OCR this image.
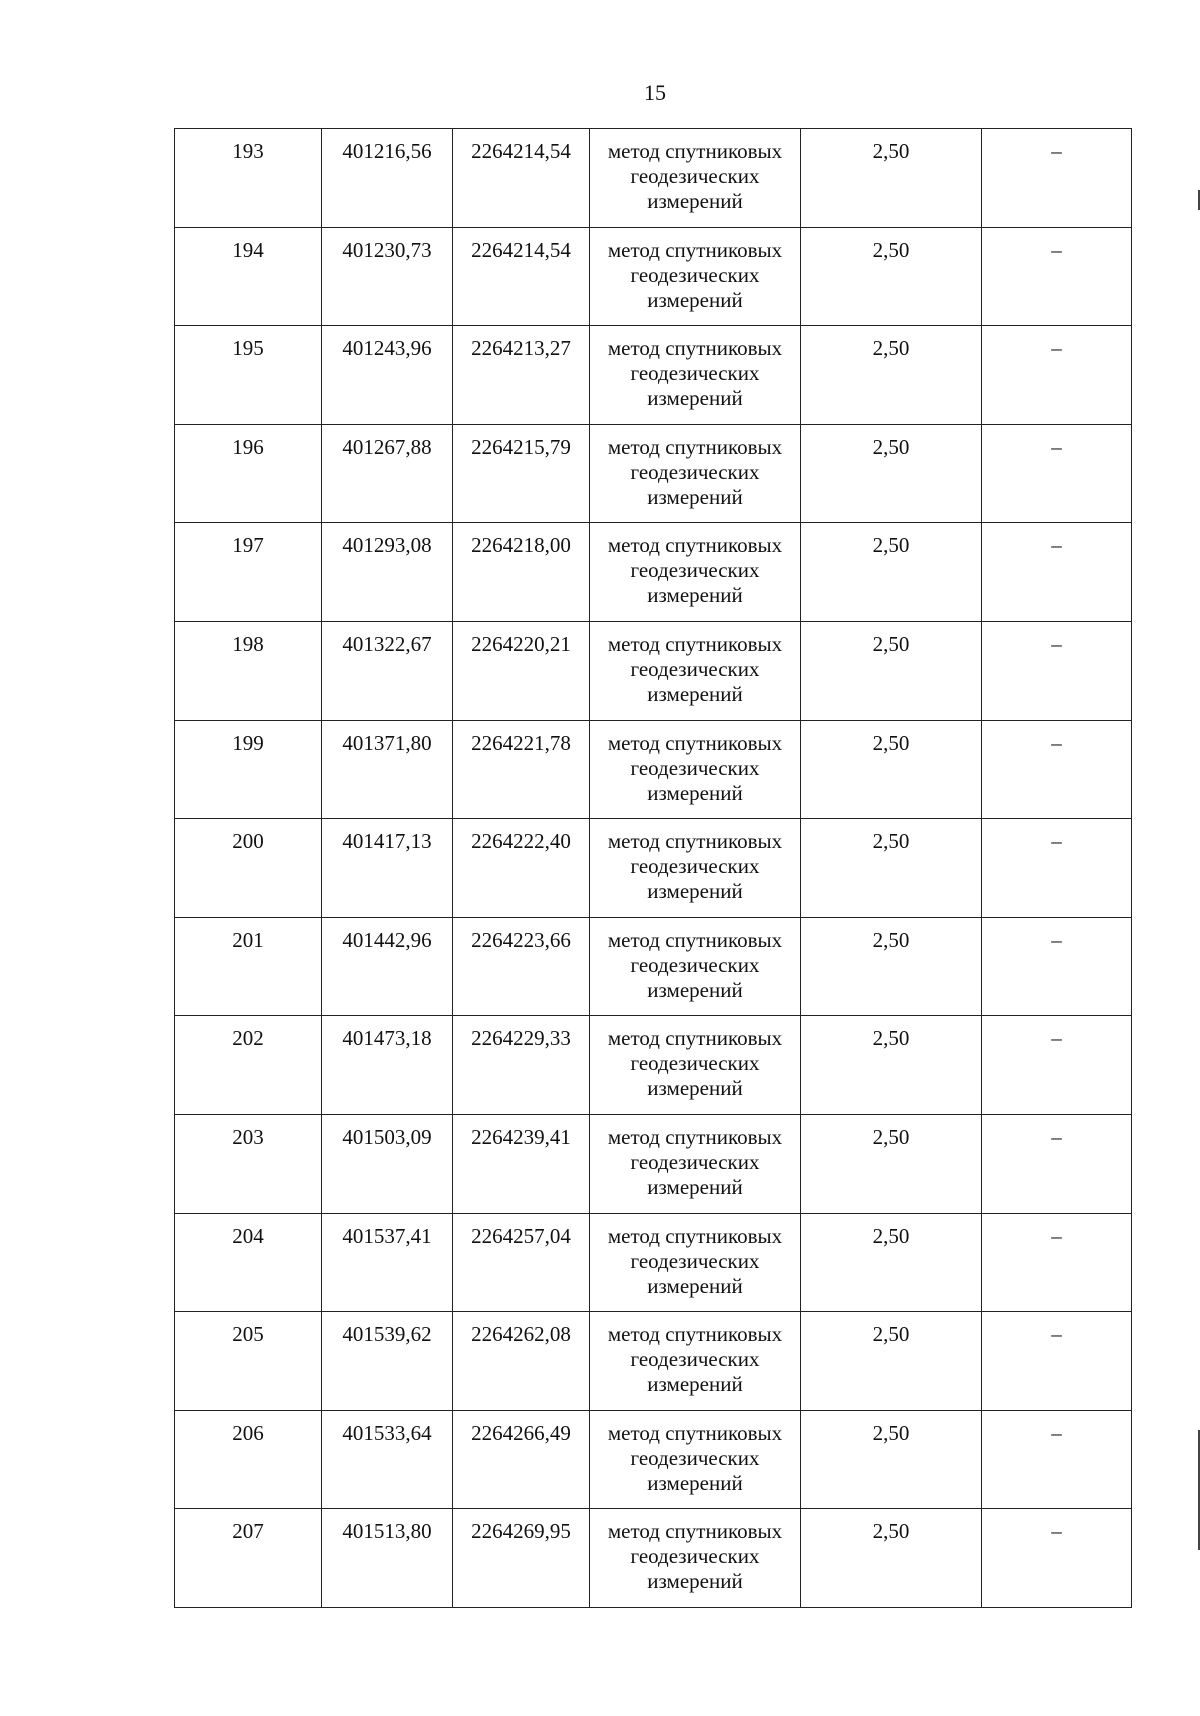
15
193	401216,56	2264214,54	метод спутниковых геодезических измерений	2,50	–
194	401230,73	2264214,54	метод спутниковых геодезических измерений	2,50	–
195	401243,96	2264213,27	метод спутниковых геодезических измерений	2,50	–
196	401267,88	2264215,79	метод спутниковых геодезических измерений	2,50	–
197	401293,08	2264218,00	метод спутниковых геодезических измерений	2,50	–
198	401322,67	2264220,21	метод спутниковых геодезических измерений	2,50	–
199	401371,80	2264221,78	метод спутниковых геодезических измерений	2,50	–
200	401417,13	2264222,40	метод спутниковых геодезических измерений	2,50	–
201	401442,96	2264223,66	метод спутниковых геодезических измерений	2,50	–
202	401473,18	2264229,33	метод спутниковых геодезических измерений	2,50	–
203	401503,09	2264239,41	метод спутниковых геодезических измерений	2,50	–
204	401537,41	2264257,04	метод спутниковых геодезических измерений	2,50	–
205	401539,62	2264262,08	метод спутниковых геодезических измерений	2,50	–
206	401533,64	2264266,49	метод спутниковых геодезических измерений	2,50	–
207	401513,80	2264269,95	метод спутниковых геодезических измерений	2,50	–
